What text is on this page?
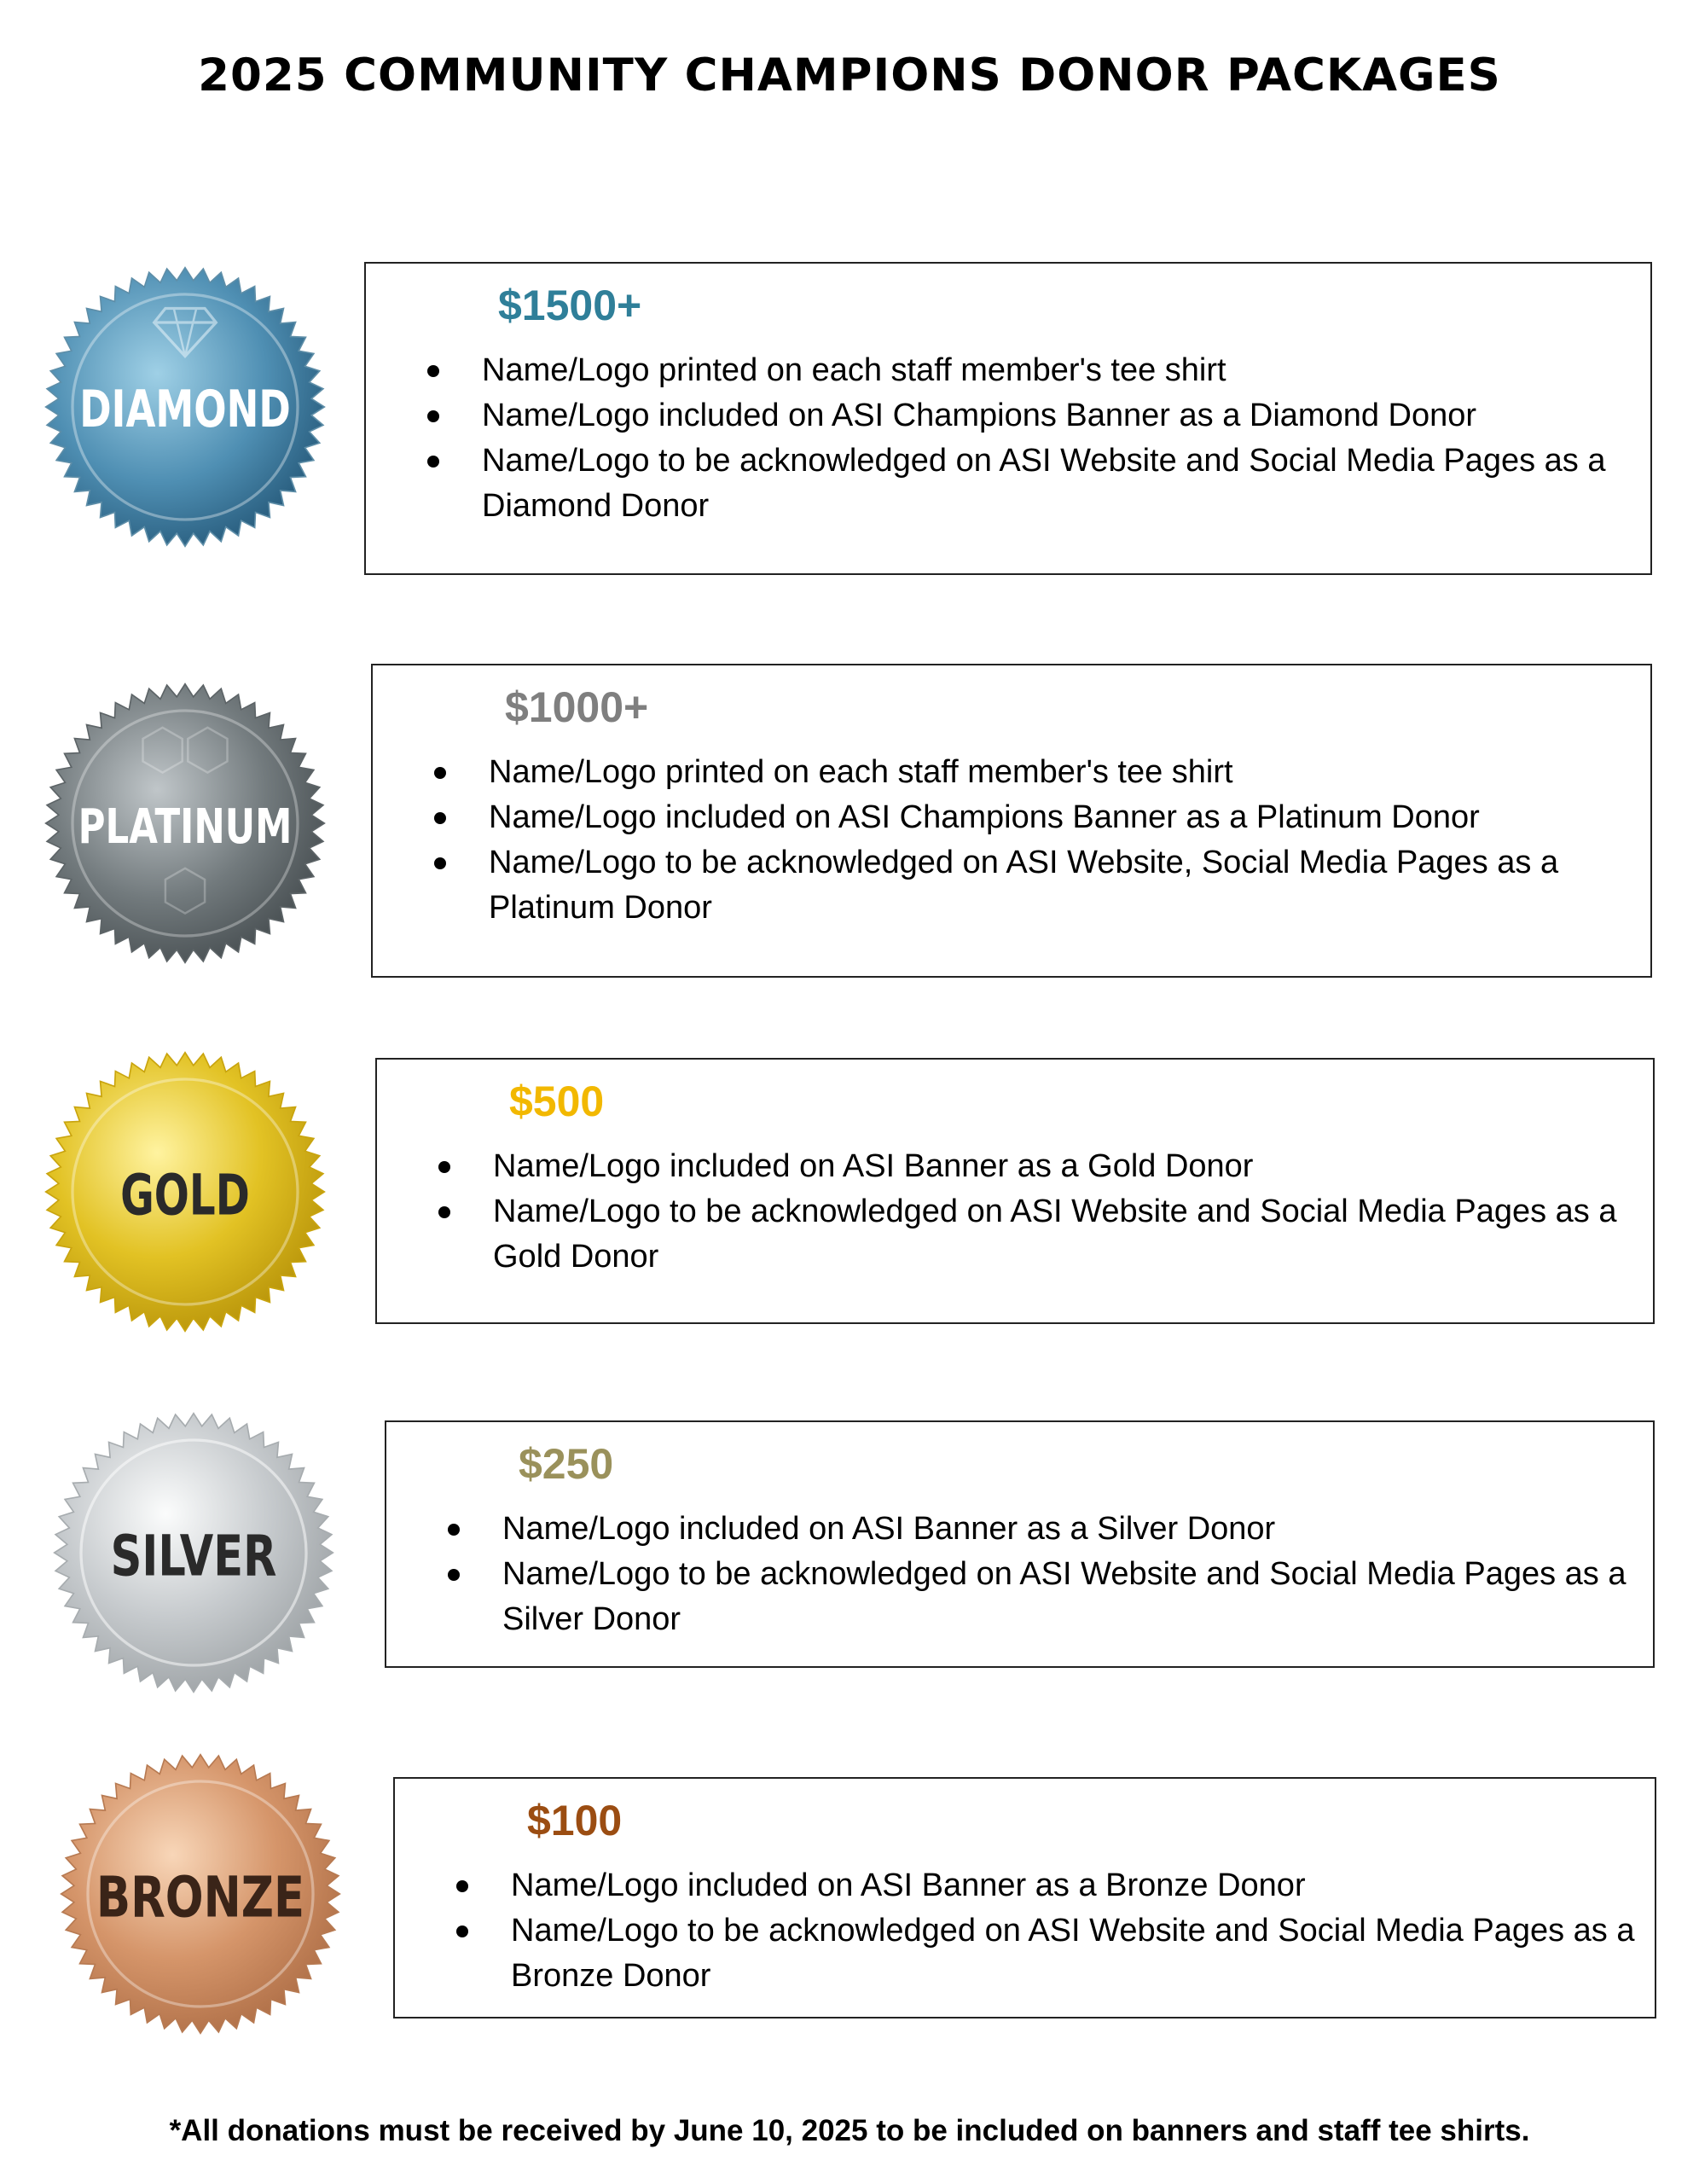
2025 COMMUNITY CHAMPIONS DONOR PACKAGES
DIAMOND
$1500+
Name/Logo printed on each staff member's tee shirt
Name/Logo included on ASI Champions Banner as a Diamond Donor
Name/Logo to be acknowledged on ASI Website and Social Media Pages as a Diamond Donor
PLATINUM
$1000+
Name/Logo printed on each staff member's tee shirt
Name/Logo included on ASI Champions Banner as a Platinum Donor
Name/Logo to be acknowledged on ASI Website, Social Media Pages as a Platinum Donor
GOLD
$500
Name/Logo included on ASI Banner as a Gold Donor
Name/Logo to be acknowledged on ASI Website and Social Media Pages as a Gold Donor
SILVER
$250
Name/Logo included on ASI Banner as a Silver Donor
Name/Logo to be acknowledged on ASI Website and Social Media Pages as a Silver Donor
BRONZE
$100
Name/Logo included on ASI Banner as a Bronze Donor
Name/Logo to be acknowledged on ASI Website and Social Media Pages as a Bronze Donor
*All donations must be received by June 10, 2025 to be included on banners and staff tee shirts.
